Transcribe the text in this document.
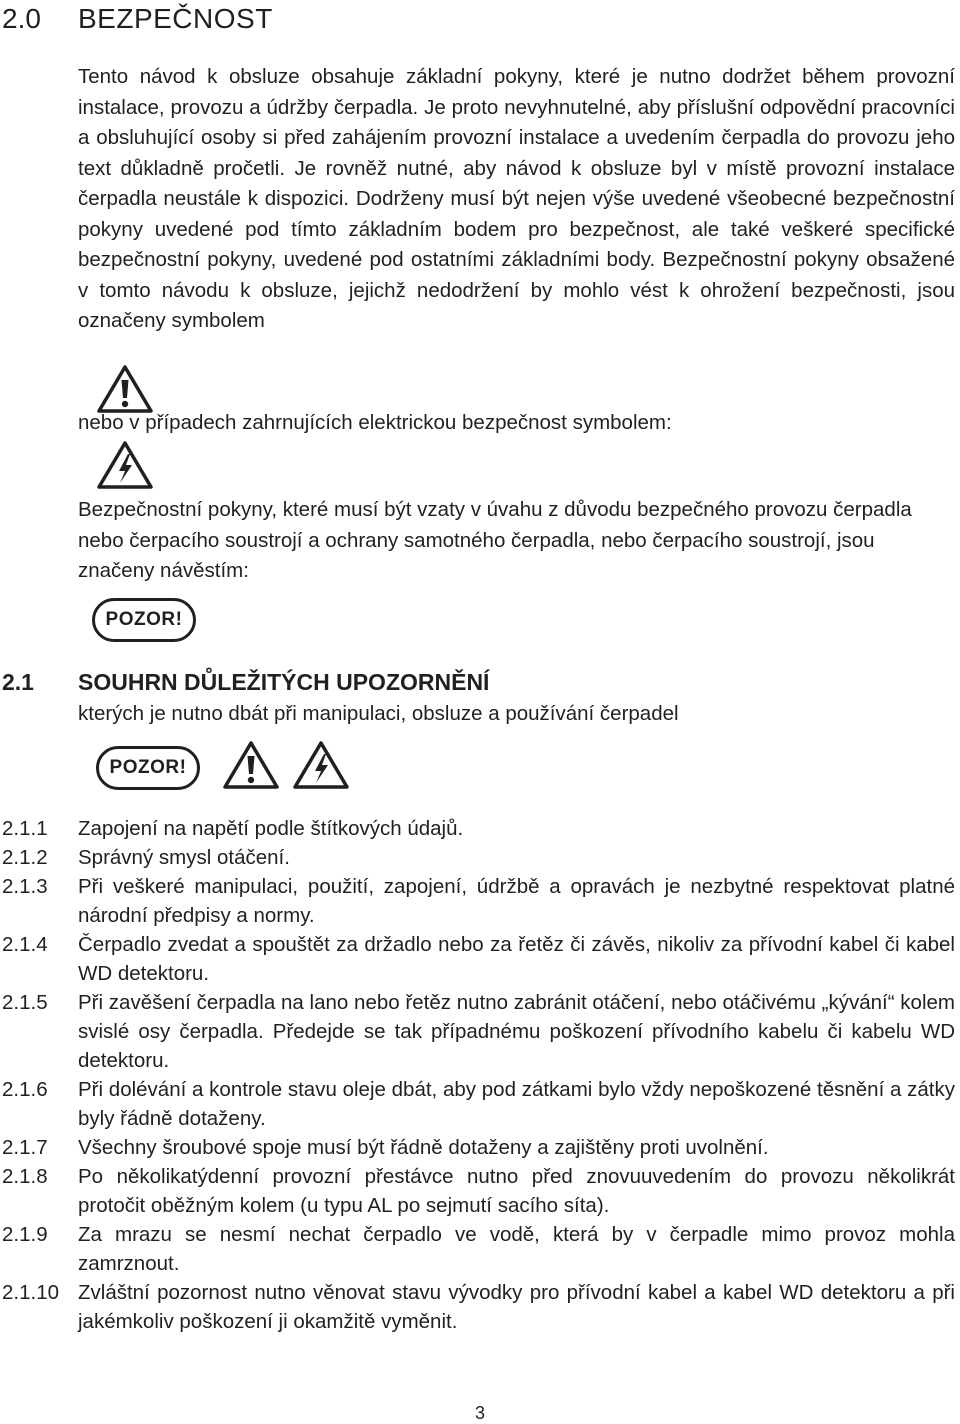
2.0 BEZPEČNOST

Tento návod k obsluze obsahuje základní pokyny, které je nutno dodržet během provozní instalace, provozu a údržby čerpadla. Je proto nevyhnutelné, aby příslušní odpovědní pracovníci a obsluhující osoby si před zahájením provozní instalace a uvedením čerpadla do provozu jeho text důkladně pročetli. Je rovněž nutné, aby návod k obsluze byl v místě provozní instalace čerpadla neustále k dispozici. Dodrženy musí být nejen výše uvedené všeobecné bezpečnostní pokyny uvedené pod tímto základním bodem pro bezpečnost, ale také veškeré specifické bezpečnostní pokyny, uvedené pod ostatními základními body. Bezpečnostní pokyny obsažené v tomto návodu k obsluze, jejichž nedodržení by mohlo vést k ohrožení bezpečnosti, jsou označeny symbolem

nebo v případech zahrnujících elektrickou bezpečnost symbolem:

Bezpečnostní pokyny, které musí být vzaty v úvahu z důvodu bezpečného provozu čerpadla nebo čerpacího soustrojí a ochrany samotného čerpadla, nebo čerpacího soustrojí, jsou značeny návěstím:

POZOR!
2.1 SOUHRN DŮLEŽITÝCH UPOZORNĚNÍ
kterých je nutno dbát při manipulaci, obsluze a používání čerpadel
POZOR!
2.1.1 Zapojení na napětí podle štítkových údajů.
2.1.2 Správný smysl otáčení.
2.1.3 Při veškeré manipulaci, použití, zapojení, údržbě a opravách je nezbytné respektovat platné národní předpisy a normy.
2.1.4 Čerpadlo zvedat a spouštět za držadlo nebo za řetěz či závěs, nikoliv za přívodní kabel či kabel WD detektoru.
2.1.5 Při zavěšení čerpadla na lano nebo řetěz nutno zabránit otáčení, nebo otáčivému „kývání“ kolem svislé osy čerpadla. Předejde se tak případnému poškození přívodního kabelu či kabelu WD detektoru.
2.1.6 Při dolévání a kontrole stavu oleje dbát, aby pod zátkami bylo vždy nepoškozené těsnění a zátky byly řádně dotaženy.
2.1.7 Všechny šroubové spoje musí být řádně dotaženy a zajištěny proti uvolnění.
2.1.8 Po několikatýdenní provozní přestávce nutno před znovuuvedením do provozu několikrát protočit oběžným kolem (u typu AL po sejmutí sacího síta).
2.1.9 Za mrazu se nesmí nechat čerpadlo ve vodě, která by v čerpadle mimo provoz mohla zamrznout.
2.1.10 Zvláštní pozornost nutno věnovat stavu vývodky pro přívodní kabel a kabel WD detektoru a při jakémkoliv poškození ji okamžitě vyměnit.
3
